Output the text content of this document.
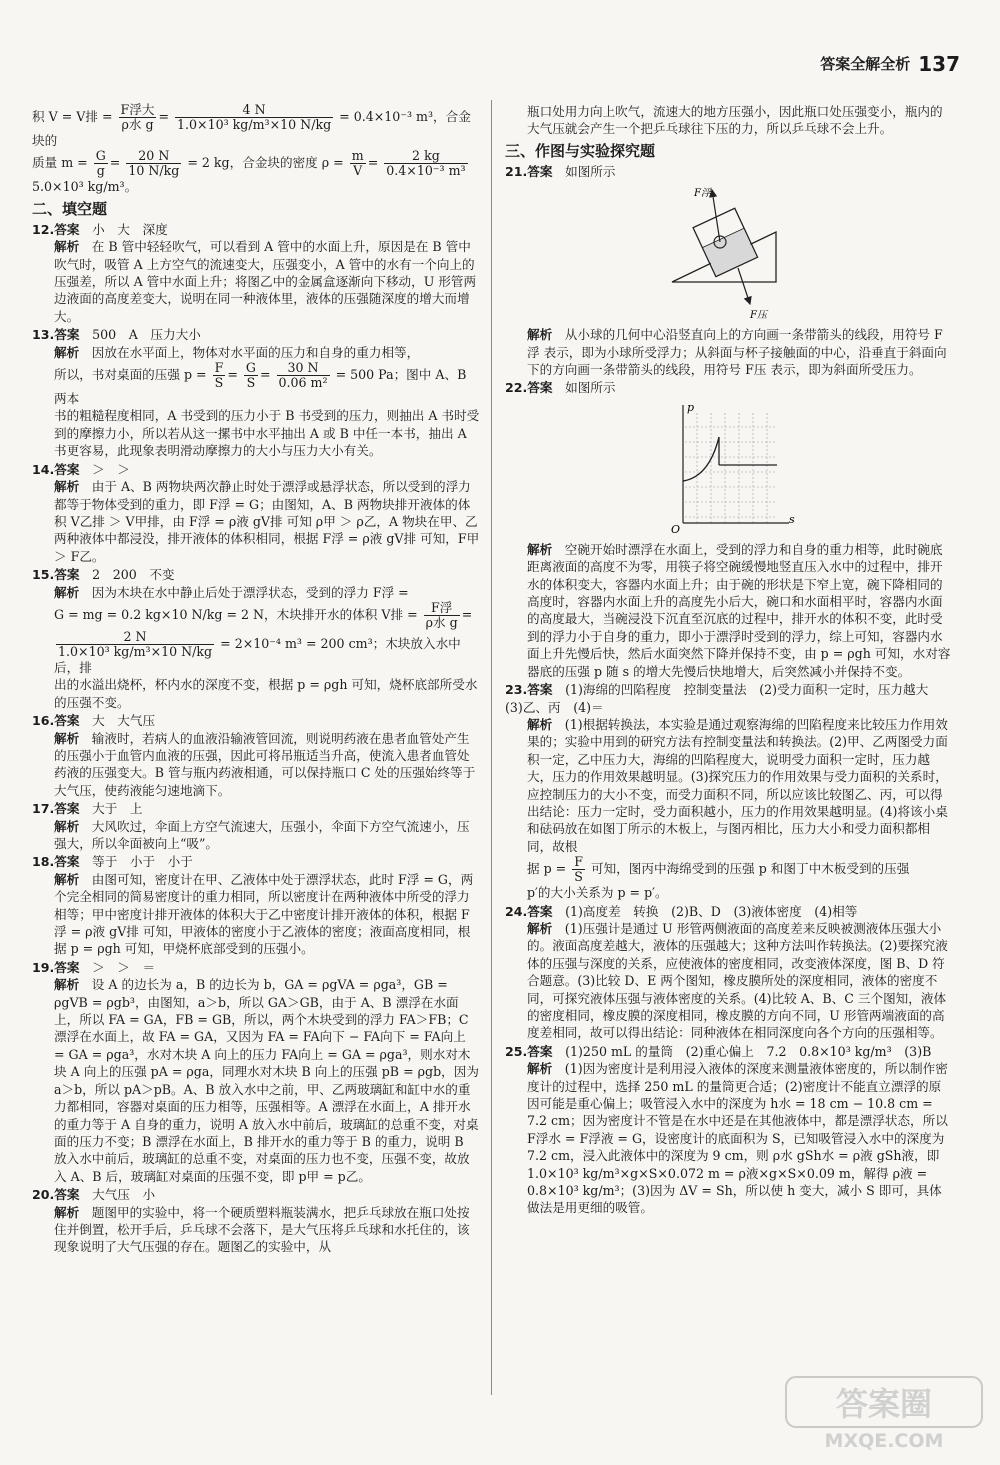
答案全解全析 137

积 V = V排 = $\frac{\text{F浮大}}{\text{ρ水 g}} = \frac{4 N}{\text{1.0×10³ kg/m³×10 N/kg}} = 0.4\times 10^{-3}$ m³，合金块的

质量 $m = \frac{G}{g} = \frac{20 N}{10 N/kg} = 2$ kg，合金块的密度 $\rho = \frac{m}{V} = \frac{2 kg}{\text{0.4×10⁻³ m³}}$

5.0×10³ kg/m³。

二、填空题

12.答案　 小　大　深度

解析　 在 B 管中轻轻吹气，可以看到 A 管中的水面上升，原因是在 B 管中吹气时，吸管 A 上方空气的流速变大，压强变小，A 管中的水有一个向上的压强差，所以 A 管中水面上升；将图乙中的金属盒逐渐向下移动，U 形管两边液面的高度差变大，说明在同一种液体里，液体的压强随深度的增大而增大。

13.答案　 500　A　压力大小

解析　 因放在水平面上，物体对水平面的压力和自身的重力相等，

所以，书对桌面的压强 $p = \frac{F}{S} = \frac{G}{S} = \frac{30 N}{\text{0.06 m²}} = 500$ Pa；图中 A、B 两本

书的粗糙程度相同，A 书受到的压力小于 B 书受到的压力，则抽出 A 书时受到的摩擦力小，所以若从这一摞书中水平抽出 A 或 B 中任一本书，抽出 A 书更容易，此现象表明滑动摩擦力的大小与压力大小有关。

14.答案　 ＞　＞

解析　 由于 A、B 两物块两次静止时处于漂浮或悬浮状态，所以受到的浮力都等于物体受到的重力，即 F浮 = G；由图知，A、B 两物块排开液体的体积 V乙排 ＞ V甲排，由 F浮 = ρ液 gV排 可知 ρ甲 ＞ ρ乙，A 物块在甲、乙两种液体中都浸没，排开液体的体积相同，根据 F浮 = ρ液 gV排 可知，F甲 ＞ F乙。

15.答案　 2　200　不变

解析　 因为木块在水中静止后处于漂浮状态，受到的浮力 F浮 =

G = mg = 0.2 kg×10 N/kg = 2 N，木块排开水的体积 V排 = $\frac{\text{F浮}}{\text{ρ水 g}}$ =

$\frac{2 N}{\text{1.0×10³ kg/m³×10 N/kg}} = 2\times 10^{-4}$ m³ = 200 cm³；木块放入水中后，排

出的水溢出烧杯，杯内水的深度不变，根据 p = ρgh 可知，烧杯底部所受水的压强不变。

16.答案　 大　大气压

解析　 输液时，若病人的血液沿输液管回流，则说明药液在患者血管处产生的压强小于血管内血液的压强，因此可将吊瓶适当升高，使流入患者血管处药液的压强变大。B 管与瓶内药液相通，可以保持瓶口 C 处的压强始终等于大气压，使药液能匀速地滴下。

17.答案　 大于　上

解析　 大风吹过，伞面上方空气流速大，压强小，伞面下方空气流速小，压强大，所以伞面被向上“吸”。

18.答案　 等于　小于　小于

解析　 由图可知，密度计在甲、乙液体中处于漂浮状态，此时 F浮 = G，两个完全相同的简易密度计的重力相同，所以密度计在两种液体中所受的浮力相等；甲中密度计排开液体的体积大于乙中密度计排开液体的体积，根据 F浮 = ρ液 gV排 可知，甲液体的密度小于乙液体的密度；液面高度相同，根据 p = ρgh 可知，甲烧杯底部受到的压强小。

19.答案　 ＞　＞　＝

解析　 设 A 的边长为 a，B 的边长为 b，GA = ρgVA = ρga³，GB = ρgVB = ρgb³，由图知，a＞b，所以 GA＞GB，由于 A、B 漂浮在水面上，所以 FA = GA，FB = GB，所以，两个木块受到的浮力 FA＞FB；C 漂浮在水面上，故 FA = GA，又因为 FA = FA向下 − FA向下 = FA向上 = GA = ρga³，水对木块 A 向上的压力 FA向上 = GA = ρga³，则水对木块 A 向上的压强 pA = ρga，同理水对木块 B 向上的压强 pB = ρgb，因为 a＞b，所以 pA＞pB。A、B 放入水中之前，甲、乙两玻璃缸和缸中水的重力都相同，容器对桌面的压力相等，压强相等。A 漂浮在水面上，A 排开水的重力等于 A 自身的重力，说明 A 放入水中前后，玻璃缸的总重不变，对桌面的压力不变；B 漂浮在水面上，B 排开水的重力等于 B 的重力，说明 B 放入水中前后，玻璃缸的总重不变，对桌面的压力也不变，压强不变，故放入 A、B 后，玻璃缸对桌面的压强不变，即 p甲 = p乙。

20.答案　 大气压　小

解析　 题图甲的实验中，将一个硬质塑料瓶装满水，把乒乓球放在瓶口处按住并倒置，松开手后，乒乓球不会落下，是大气压将乒乓球和水托住的，该现象说明了大气压强的存在。题图乙的实验中，从

瓶口处用力向上吹气，流速大的地方压强小，因此瓶口处压强变小，瓶内的大气压就会产生一个把乒乓球往下压的力，所以乒乓球不会上升。

三、作图与实验探究题

21.答案　 如图所示

F浮
F压

解析　 从小球的几何中心沿竖直向上的方向画一条带箭头的线段，用符号 F浮 表示，即为小球所受浮力；从斜面与杯子接触面的中心，沿垂直于斜面向下的方向画一条带箭头的线段，用符号 F压 表示，即为斜面所受压力。

22.答案　 如图所示

p
s
O

解析　 空碗开始时漂浮在水面上，受到的浮力和自身的重力相等，此时碗底距离液面的高度不为零，用筷子将空碗缓慢地竖直压入水中的过程中，排开水的体积变大，容器内水面上升；由于碗的形状是下窄上宽，碗下降相同的高度时，容器内水面上升的高度先小后大，碗口和水面相平时，容器内水面的高度最大，当碗浸没下沉直至沉底的过程中，排开水的体积不变，此时受到的浮力小于自身的重力，即小于漂浮时受到的浮力，综上可知，容器内水面上升先慢后快，然后水面突然下降并保持不变，由 p = ρgh 可知，水对容器底的压强 p 随 s 的增大先慢后快地增大，后突然减小并保持不变。

23.答案　 (1)海绵的凹陷程度　控制变量法　(2)受力面积一定时，压力越大　(3)乙、丙　(4)＝

解析　 (1)根据转换法，本实验是通过观察海绵的凹陷程度来比较压力作用效果的；实验中用到的研究方法有控制变量法和转换法。(2)甲、乙两图受力面积一定，乙中压力大，海绵的凹陷程度大，说明受力面积一定时，压力越大，压力的作用效果越明显。(3)探究压力的作用效果与受力面积的关系时，应控制压力的大小不变，而受力面积不同，所以应该比较图乙、丙，可以得出结论：压力一定时，受力面积越小，压力的作用效果越明显。(4)将该小桌和砝码放在如图丁所示的木板上，与图丙相比，压力大小和受力面积都相同，故根

据 $p = \frac{F}{S}$ 可知，图丙中海绵受到的压强 p 和图丁中木板受到的压强

p′的大小关系为 p = p′。

24.答案　 (1)高度差　转换　(2)B、D　(3)液体密度　(4)相等

解析　 (1)压强计是通过 U 形管两侧液面的高度差来反映被测液体压强大小的。液面高度差越大，液体的压强越大；这种方法叫作转换法。(2)要探究液体的压强与深度的关系，应使液体的密度相同，改变液体深度，图 B、D 符合题意。(3)比较 D、E 两个图知，橡皮膜所处的深度相同，液体的密度不同，可探究液体压强与液体密度的关系。(4)比较 A、B、C 三个图知，液体的密度相同，橡皮膜的深度相同，橡皮膜的方向不同，U 形管两端液面的高度差相同，故可以得出结论：同种液体在相同深度向各个方向的压强相等。

25.答案　 (1)250 mL 的量筒　(2)重心偏上　7.2　0.8×10³ kg/m³　(3)B

解析　 (1)因为密度计是利用浸入液体的深度来测量液体密度的，所以制作密度计的过程中，选择 250 mL 的量筒更合适；(2)密度计不能直立漂浮的原因可能是重心偏上；吸管浸入水中的深度为 h水 = 18 cm − 10.8 cm = 7.2 cm；因为密度计不管是在水中还是在其他液体中，都是漂浮状态，所以 F浮水 = F浮液 = G，设密度计的底面积为 S，已知吸管浸入水中的深度为 7.2 cm，浸入此液体中的深度为 9 cm，则 ρ水 gSh水 = ρ液 gSh液，即 1.0×10³ kg/m³×g×S×0.072 m = ρ液×g×S×0.09 m，解得 ρ液 = 0.8×10³ kg/m³；(3)因为 ΔV = Sh，所以使 h 变大，减小 S 即可，具体做法是用更细的吸管。

答案圈
MXQE.COM
